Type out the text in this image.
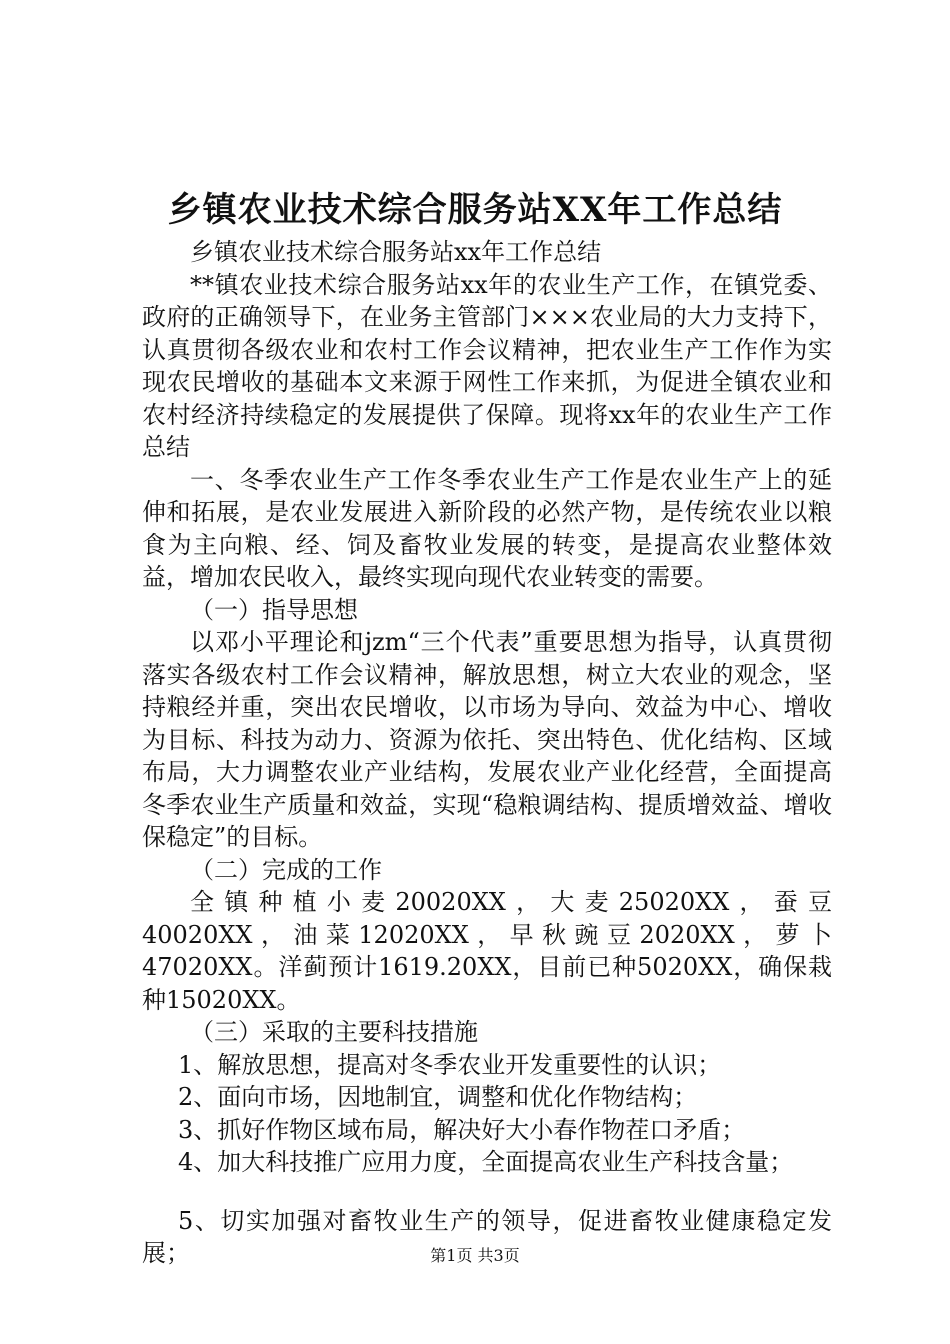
乡镇农业技术综合服务站XX年工作总结

乡镇农业技术综合服务站xx年工作总结

**镇农业技术综合服务站xx年的农业生产工作，在镇党委、政府的正确领导下，在业务主管部门×××农业局的大力支持下，认真贯彻各级农业和农村工作会议精神，把农业生产工作作为实现农民增收的基础本文来源于网性工作来抓，为促进全镇农业和农村经济持续稳定的发展提供了保障。现将xx年的农业生产工作总结

一、冬季农业生产工作冬季农业生产工作是农业生产上的延伸和拓展，是农业发展进入新阶段的必然产物，是传统农业以粮食为主向粮、经、饲及畜牧业发展的转变，是提高农业整体效益，增加农民收入，最终实现向现代农业转变的需要。

（一）指导思想

以邓小平理论和jzm“三个代表”重要思想为指导，认真贯彻落实各级农村工作会议精神，解放思想，树立大农业的观念，坚持粮经并重，突出农民增收，以市场为导向、效益为中心、增收为目标、科技为动力、资源为依托、突出特色、优化结构、区域布局，大力调整农业产业结构，发展农业产业化经营，全面提高冬季农业生产质量和效益，实现“稳粮调结构、提质增效益、增收保稳定”的目标。

（二）完成的工作

全镇种植小麦20020XX，大麦25020XX，蚕豆40020XX，油菜12020XX，早秋豌豆2020XX，萝卜47020XX。洋蓟预计1619.20XX，目前已种5020XX，确保栽种15020XX。

（三）采取的主要科技措施

1、解放思想，提高对冬季农业开发重要性的认识；

2、面向市场，因地制宜，调整和优化作物结构；

3、抓好作物区域布局，解决好大小春作物茬口矛盾；

4、加大科技推广应用力度，全面提高农业生产科技含量；

5、切实加强对畜牧业生产的领导，促进畜牧业健康稳定发展；	第1页 共3页
